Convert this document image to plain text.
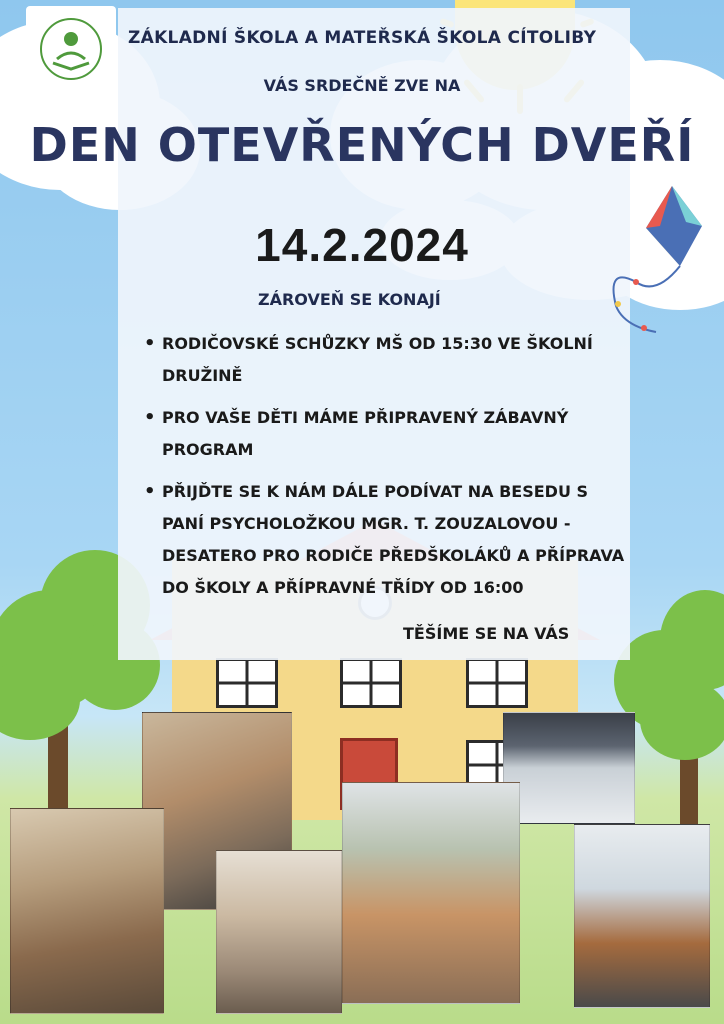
ZÁKLADNÍ ŠKOLA A MATEŘSKÁ ŠKOLA CÍTOLIBY
VÁS SRDEČNĚ ZVE NA
DEN OTEVŘENÝCH DVEŘÍ
14.2.2024
ZÁROVEŇ SE KONAJÍ
• RODIČOVSKÉ SCHŮZKY MŠ OD 15:30 VE ŠKOLNÍ DRUŽINĚ
• PRO VAŠE DĚTI MÁME PŘIPRAVENÝ ZÁBAVNÝ PROGRAM
• PŘIJĎTE SE K NÁM DÁLE PODÍVAT NA BESEDU S PANÍ PSYCHOLOŽKOU MGR. T. ZOUZALOVOU - DESATERO PRO RODIČE PŘEDŠKOLÁKŮ A PŘÍPRAVA DO ŠKOLY A PŘÍPRAVNÉ TŘÍDY OD 16:00
TĚŠÍME SE NA VÁS
